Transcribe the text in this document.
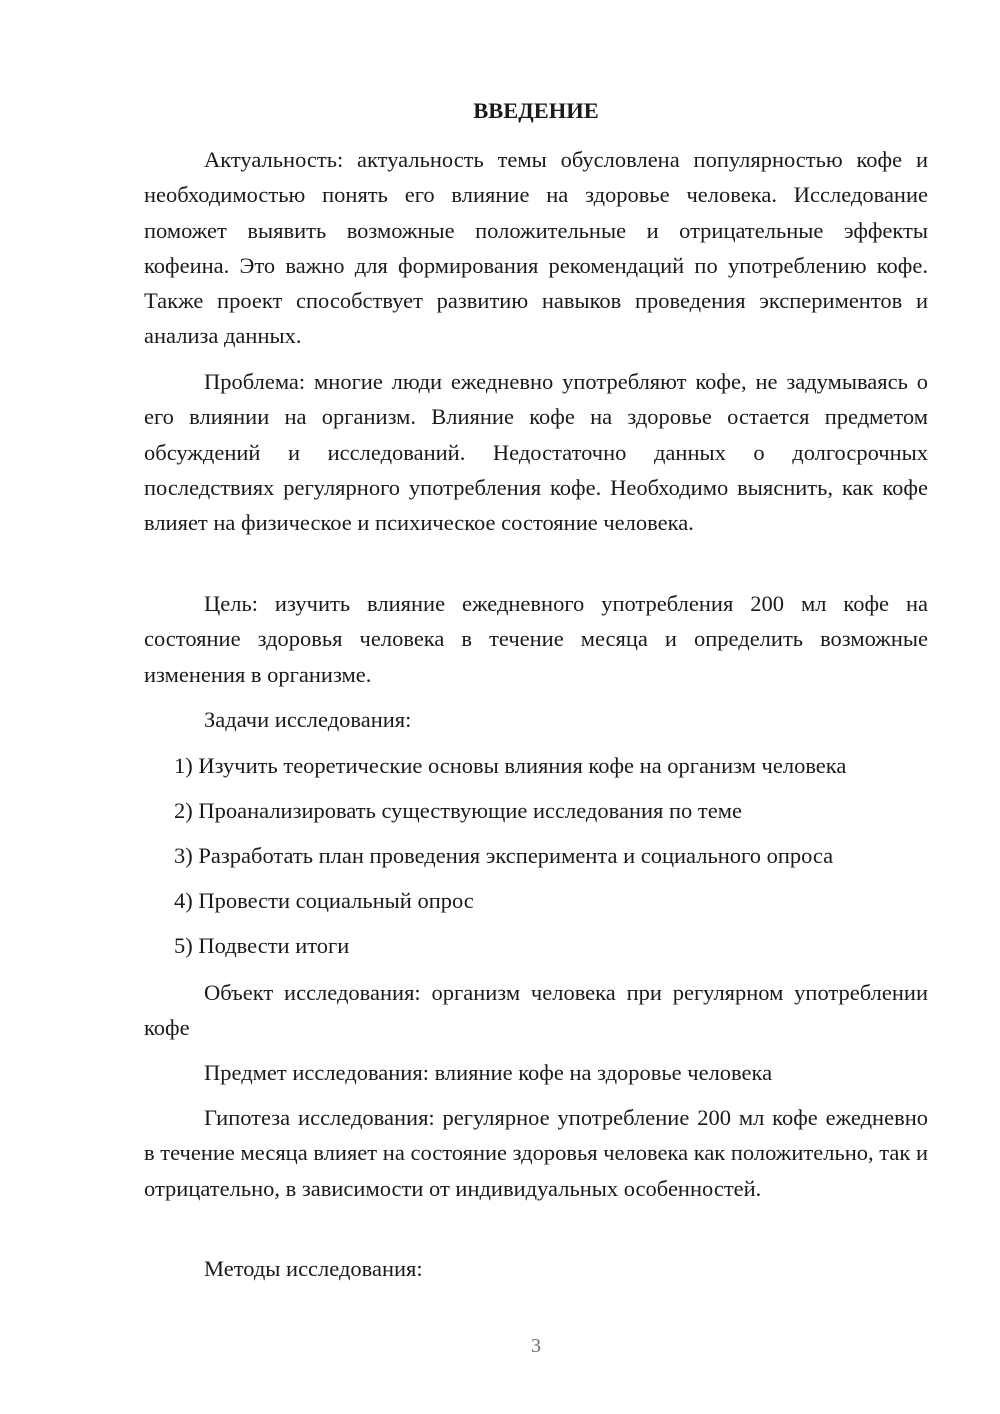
ВВЕДЕНИЕ

Актуальность: актуальность темы обусловлена популярностью кофе и необходимостью понять его влияние на здоровье человека. Исследование поможет выявить возможные положительные и отрицательные эффекты кофеина. Это важно для формирования рекомендаций по употреблению кофе. Также проект способствует развитию навыков проведения экспериментов и анализа данных.

Проблема: многие люди ежедневно употребляют кофе, не задумываясь о его влиянии на организм. Влияние кофе на здоровье остается предметом обсуждений и исследований. Недостаточно данных о долгосрочных последствиях регулярного употребления кофе. Необходимо выяснить, как кофе влияет на физическое и психическое состояние человека.

Цель: изучить влияние ежедневного употребления 200 мл кофе на состояние здоровья человека в течение месяца и определить возможные изменения в организме.

Задачи исследования:

1) Изучить теоретические основы влияния кофе на организм человека

2) Проанализировать существующие исследования по теме

3) Разработать план проведения эксперимента и социального опроса

4) Провести социальный опрос

5) Подвести итоги

Объект исследования: организм человека при регулярном употреблении кофе

Предмет исследования: влияние кофе на здоровье человека

Гипотеза исследования: регулярное употребление 200 мл кофе ежедневно в течение месяца влияет на состояние здоровья человека как положительно, так и отрицательно, в зависимости от индивидуальных особенностей.

Методы исследования:

3
